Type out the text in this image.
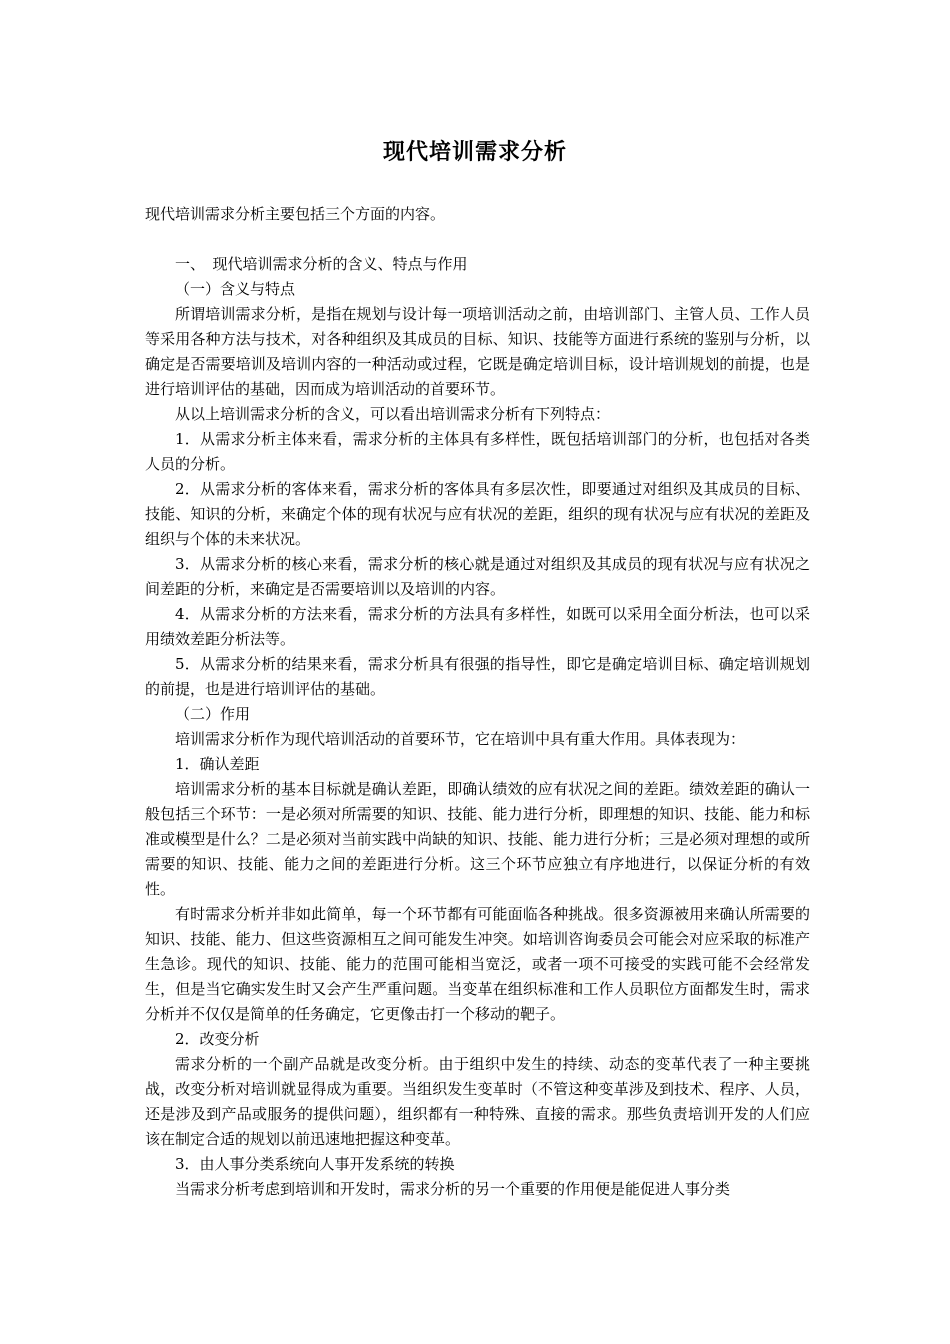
现代培训需求分析

现代培训需求分析主要包括三个方面的内容。

一、　现代培训需求分析的含义、特点与作用

（一）含义与特点

所谓培训需求分析，是指在规划与设计每一项培训活动之前，由培训部门、主管人员、工作人员等采用各种方法与技术，对各种组织及其成员的目标、知识、技能等方面进行系统的鉴别与分析，以确定是否需要培训及培训内容的一种活动或过程，它既是确定培训目标，设计培训规划的前提，也是进行培训评估的基础，因而成为培训活动的首要环节。

从以上培训需求分析的含义，可以看出培训需求分析有下列特点：

1．从需求分析主体来看，需求分析的主体具有多样性，既包括培训部门的分析，也包括对各类人员的分析。

2．从需求分析的客体来看，需求分析的客体具有多层次性，即要通过对组织及其成员的目标、技能、知识的分析，来确定个体的现有状况与应有状况的差距，组织的现有状况与应有状况的差距及组织与个体的未来状况。

3．从需求分析的核心来看，需求分析的核心就是通过对组织及其成员的现有状况与应有状况之间差距的分析，来确定是否需要培训以及培训的内容。

4．从需求分析的方法来看，需求分析的方法具有多样性，如既可以采用全面分析法，也可以采用绩效差距分析法等。

5．从需求分析的结果来看，需求分析具有很强的指导性，即它是确定培训目标、确定培训规划的前提，也是进行培训评估的基础。

（二）作用

培训需求分析作为现代培训活动的首要环节，它在培训中具有重大作用。具体表现为：

1．确认差距

培训需求分析的基本目标就是确认差距，即确认绩效的应有状况之间的差距。绩效差距的确认一般包括三个环节：一是必须对所需要的知识、技能、能力进行分析，即理想的知识、技能、能力和标准或模型是什么？二是必须对当前实践中尚缺的知识、技能、能力进行分析；三是必须对理想的或所需要的知识、技能、能力之间的差距进行分析。这三个环节应独立有序地进行，以保证分析的有效性。

有时需求分析并非如此简单，每一个环节都有可能面临各种挑战。很多资源被用来确认所需要的知识、技能、能力、但这些资源相互之间可能发生冲突。如培训咨询委员会可能会对应采取的标准产生急诊。现代的知识、技能、能力的范围可能相当宽泛，或者一项不可接受的实践可能不会经常发生，但是当它确实发生时又会产生严重问题。当变革在组织标准和工作人员职位方面都发生时，需求分析并不仅仅是简单的任务确定，它更像击打一个移动的靶子。

2．改变分析

需求分析的一个副产品就是改变分析。由于组织中发生的持续、动态的变革代表了一种主要挑战，改变分析对培训就显得成为重要。当组织发生变革时（不管这种变革涉及到技术、程序、人员，还是涉及到产品或服务的提供问题），组织都有一种特殊、直接的需求。那些负责培训开发的人们应该在制定合适的规划以前迅速地把握这种变革。

3．由人事分类系统向人事开发系统的转换

当需求分析考虑到培训和开发时，需求分析的另一个重要的作用便是能促进人事分类
